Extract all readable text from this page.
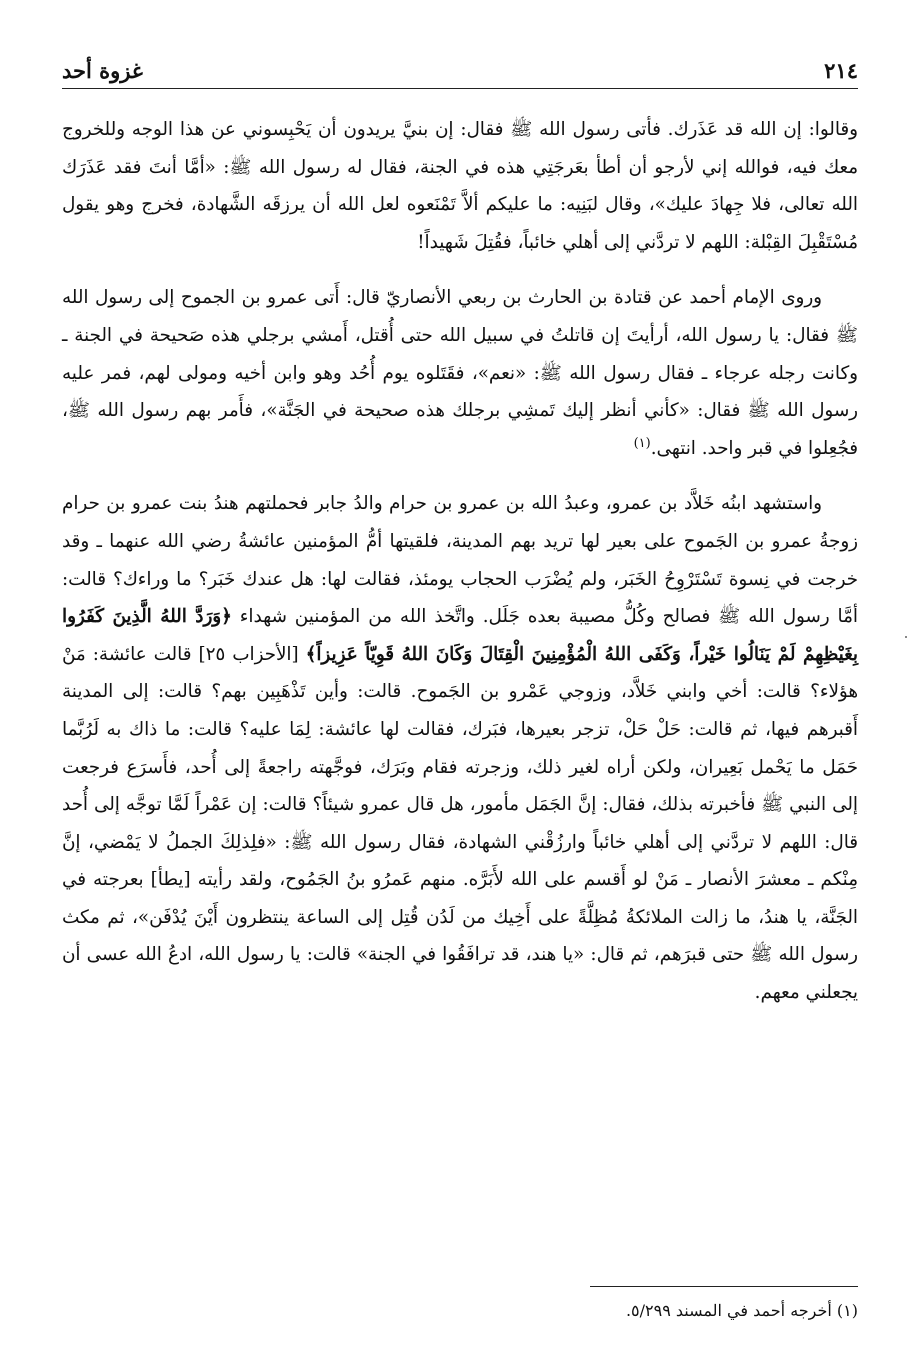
٢١٤
غزوة أحد

وقالوا: إن الله قد عَذَرك. فأتى رسول الله ﷺ فقال: إن بنيَّ يريدون أن يَحْبِسوني عن هذا الوجه وللخروج معك فيه، فوالله إني لأرجو أن أطأ بعَرجَتِي هذه في الجنة، فقال له رسول الله ﷺ: «أمَّا أنتَ فقد عَذَرَك الله تعالى، فلا جِهادَ عليك»، وقال لبَنِيه: ما عليكم ألاَّ تَمْنَعوه لعل الله أن يرزقَه الشَّهادة، فخرج وهو يقول مُسْتَقْبِلَ القِبْلة: اللهم لا تردَّني إلى أهلي خائباً، فقُتِلَ شَهيداً!

وروى الإمام أحمد عن قتادة بن الحارث بن ربعي الأنصاريّ قال: أَتى عمرو بن الجموح إلى رسول الله ﷺ فقال: يا رسول الله، أرأيتَ إن قاتلتُ في سبيل الله حتى أُقتل، أَمشي برجلي هذه صَحيحة في الجنة ـ وكانت رجله عرجاء ـ فقال رسول الله ﷺ: «نعم»، فقَتَلوه يوم أُحُد وهو وابن أخيه ومولى لهم، فمر عليه رسول الله ﷺ فقال: «كأني أنظر إليك تَمشِي برجلك هذه صحيحة في الجَنَّة»، فأَمر بهم رسول الله ﷺ، فجُعِلوا في قبر واحد. انتهى.$^{(١)}$

واستشهد ابنُه خَلاَّد بن عمرو، وعبدُ الله بن عمرو بن حرام والدُ جابر فحملتهم هندُ بنت عمرو بن حرام زوجةُ عمرو بن الجَموح على بعير لها تريد بهم المدينة، فلقيتها أمُّ المؤمنين عائشةُ رضي الله عنهما ـ وقد خرجت في نِسوة تَسْتَرْوِحُ الخَبَر، ولم يُضْرَب الحجاب يومئذ، فقالت لها: هل عندك خَبَر؟ ما وراءك؟ قالت: أمَّا رسول الله ﷺ فصالح وكُلُّ مصيبة بعده جَلَل. واتَّخذ الله من المؤمنين شهداء ﴿وَرَدَّ اللهُ الَّذِينَ كَفَرُوا بِغَيْظِهِمْ لَمْ يَنَالُوا خَيْراً، وَكَفَى اللهُ الْمُؤْمِنِينَ الْقِتَالَ وَكَانَ اللهُ قَوِيّاً عَزِيزاً﴾ [الأحزاب ٢٥] قالت عائشة: مَنْ هؤلاء؟ قالت: أخي وابني خَلاَّد، وزوجي عَمْرو بن الجَموح. قالت: وأين تَذْهَبِين بهم؟ قالت: إلى المدينة أَقبرهم فيها، ثم قالت: حَلْ حَلْ، تزجر بعيرها، فبَرك، فقالت لها عائشة: لِمَا عليه؟ قالت: ما ذاك به لَرُبَّما حَمَل ما يَحْمل بَعِيران، ولكن أراه لغير ذلك، وزجرته فقام وبَرَك، فوجَّهته راجعةً إلى أُحد، فأَسرَع فرجعت إلى النبي ﷺ فأخبرته بذلك، فقال: إنَّ الجَمَل مأمور، هل قال عمرو شيئاً؟ قالت: إن عَمْراً لَمَّا توجَّه إلى أُحد قال: اللهم لا تردَّني إلى أهلي خائباً وارزُقْني الشهادة، فقال رسول الله ﷺ: «فلِذلِكَ الجملُ لا يَمْضي، إنَّ مِنْكم ـ معشرَ الأنصار ـ مَنْ لو أَقسم على الله لأَبَرَّه. منهم عَمرُو بنُ الجَمُوح، ولقد رأيته [يطأ] بعرجته في الجَنَّة، يا هندُ، ما زالت الملائكةُ مُظِلَّةً على أَخِيك من لَدُن قُتِل إلى الساعة ينتظرون أَيْنَ يُدْفَن»، ثم مكث رسول الله ﷺ حتى قبرَهم، ثم قال: «يا هند، قد ترافَقُوا في الجنة» قالت: يا رسول الله، ادعُ الله عسى أن يجعلني معهم.

(١) أخرجه أحمد في المسند ٥/٢٩٩.
